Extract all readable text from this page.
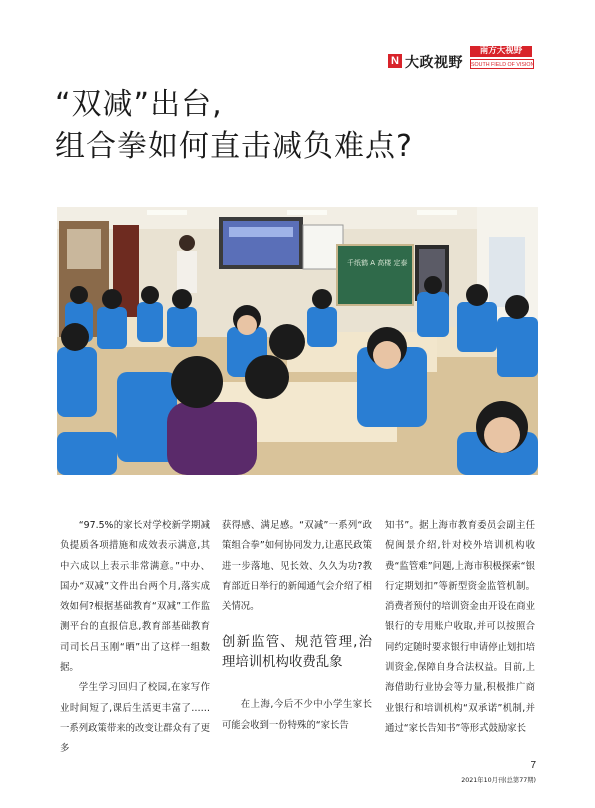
N 大政视野
南方大视野
SOUTH FIELD OF VISION
“双减”出台,
组合拳如何直击减负难点?
千纸鹤 A 高楼 定泰

“97.5%的家长对学校新学期减负提质各项措施和成效表示满意,其中六成以上表示非常满意。”中办、国办“双减”文件出台两个月,落实成效如何?根据基础教育“双减”工作监测平台的直报信息,教育部基础教育司司长吕玉刚“晒”出了这样一组数据。

学生学习回归了校园,在家写作业时间短了,课后生活更丰富了……一系列政策带来的改变让群众有了更多

获得感、满足感。“双减”一系列“政策组合拳”如何协同发力,让惠民政策进一步落地、见长效、久久为功?教育部近日举行的新闻通气会介绍了相关情况。

创新监管、规范管理,治理培训机构收费乱象

在上海,今后不少中小学生家长可能会收到一份特殊的“家长告

知书”。据上海市教育委员会副主任倪闽景介绍,针对校外培训机构收费“监管难”问题,上海市积极探索“银行定期划扣”等新型资金监管机制。消费者预付的培训资金由开设在商业银行的专用账户收取,并可以按照合同约定随时要求银行申请停止划扣培训资金,保障自身合法权益。目前,上海借助行业协会等力量,积极推广商业银行和培训机构“双承诺”机制,并通过“家长告知书”等形式鼓励家长

7
2021年10月刊(总第77期)
